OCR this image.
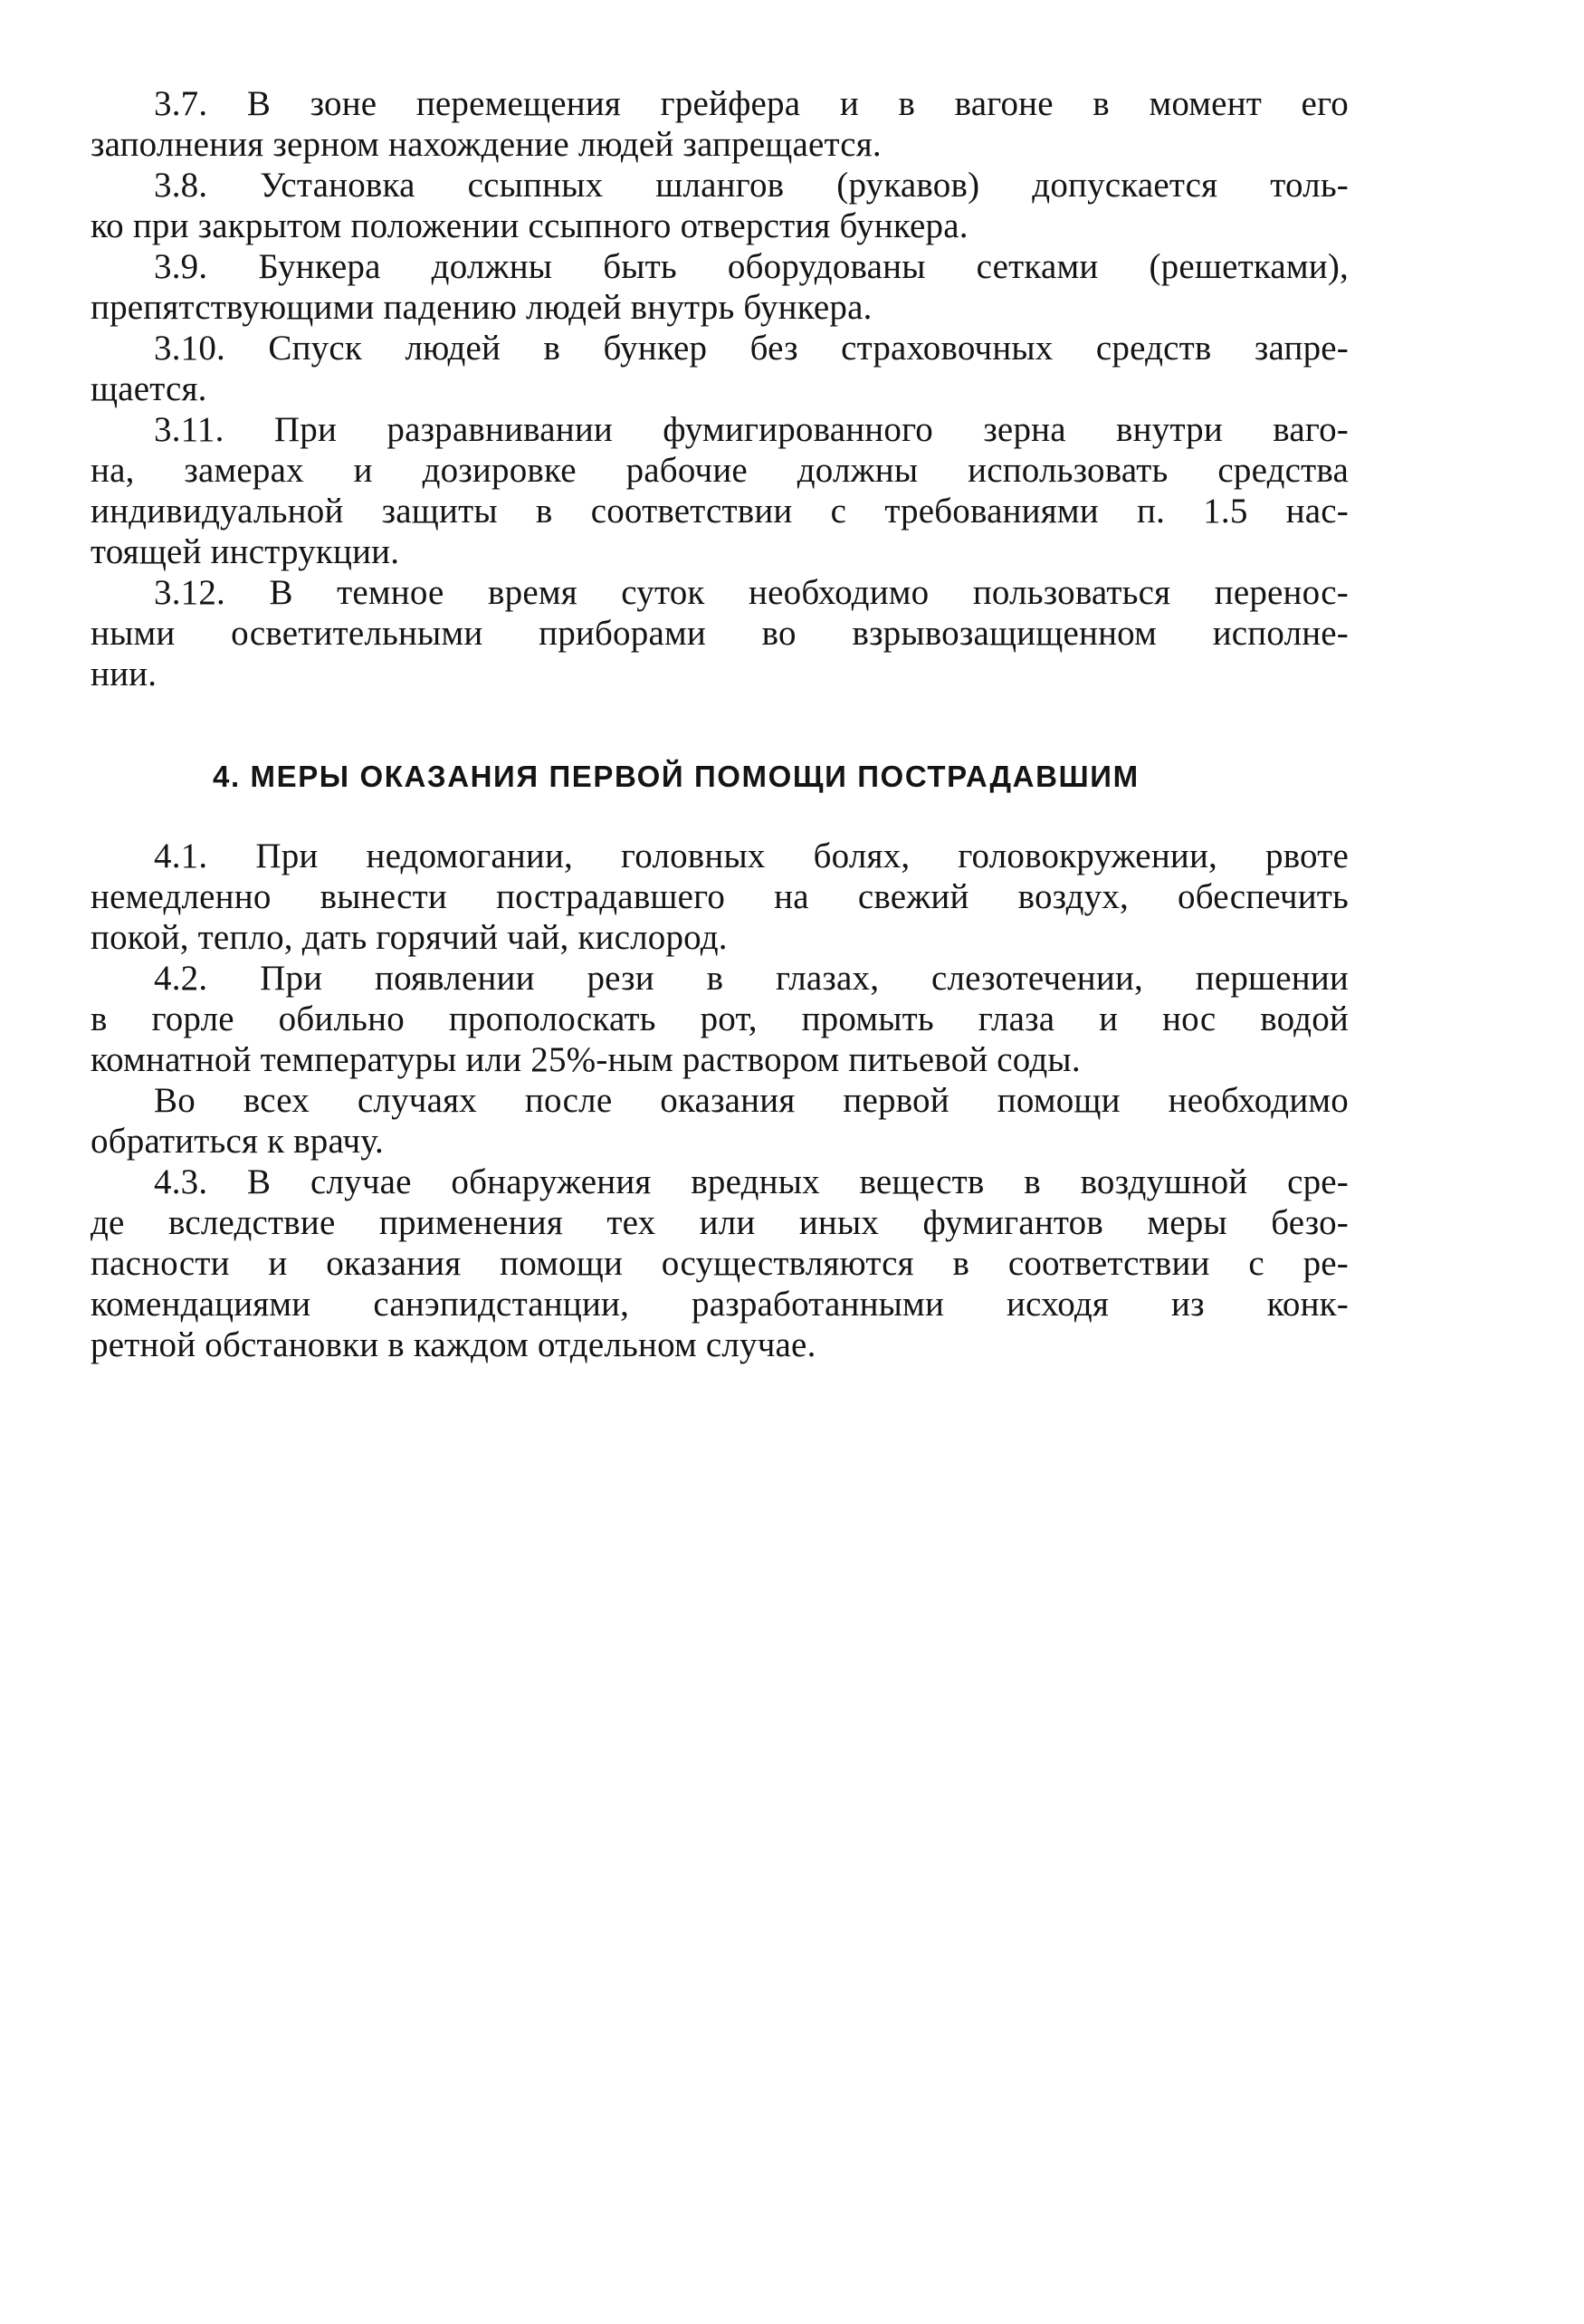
3.7. В зоне перемещения грейфера и в вагоне в момент его
заполнения зерном нахождение людей запрещается.
3.8. Установка ссыпных шлангов (рукавов) допускается толь-
ко при закрытом положении ссыпного отверстия бункера.
3.9. Бункера должны быть оборудованы сетками (решетками),
препятствующими падению людей внутрь бункера.
3.10. Спуск людей в бункер без страховочных средств запре-
щается.
3.11. При разравнивании фумигированного зерна внутри ваго-
на, замерах и дозировке рабочие должны использовать средства
индивидуальной защиты в соответствии с требованиями п. 1.5 нас-
тоящей инструкции.
3.12. В темное время суток необходимо пользоваться перенос-
ными осветительными приборами во взрывозащищенном исполне-
нии.
4. МЕРЫ ОКАЗАНИЯ ПЕРВОЙ ПОМОЩИ ПОСТРАДАВШИМ
4.1. При недомогании, головных болях, головокружении, рвоте
немедленно вынести пострадавшего на свежий воздух, обеспечить
покой, тепло, дать горячий чай, кислород.
4.2. При появлении рези в глазах, слезотечении, першении
в горле обильно прополоскать рот, промыть глаза и нос водой
комнатной температуры или 25%-ным раствором питьевой соды.
Во всех случаях после оказания первой помощи необходимо
обратиться к врачу.
4.3. В случае обнаружения вредных веществ в воздушной сре-
де вследствие применения тех или иных фумигантов меры безо-
пасности и оказания помощи осуществляются в соответствии с ре-
комендациями санэпидстанции, разработанными исходя из конк-
ретной обстановки в каждом отдельном случае.
